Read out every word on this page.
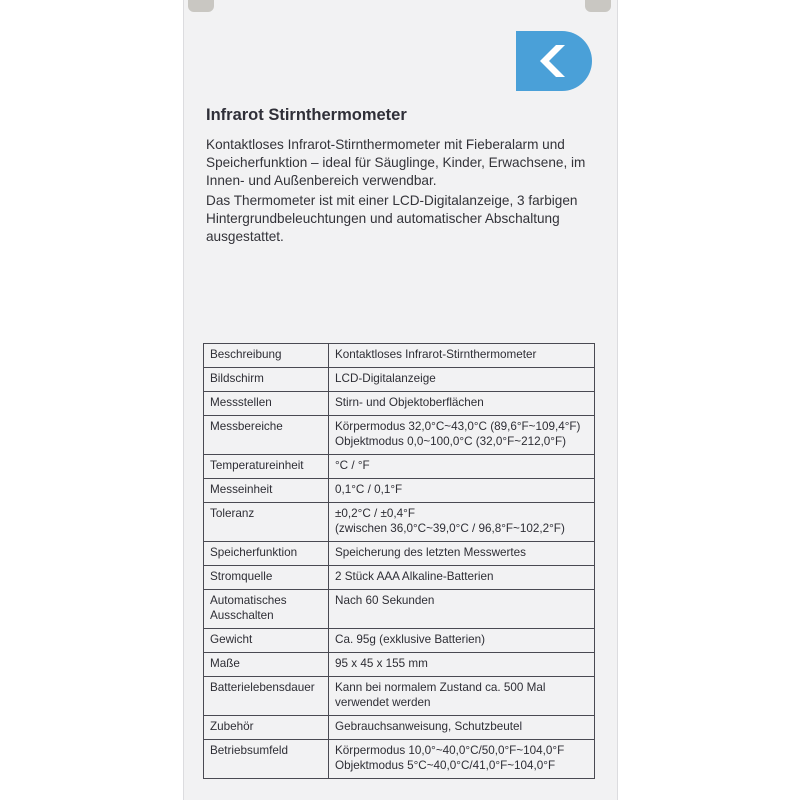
Infrarot Stirnthermometer
Kontaktloses Infrarot-Stirnthermometer mit Fieberalarm und Speicherfunktion – ideal für Säuglinge, Kinder, Erwachsene, im Innen- und Außenbereich verwendbar.
Das Thermometer ist mit einer LCD-Digitalanzeige, 3 farbigen Hintergrundbeleuchtungen und automatischer Abschaltung ausgestattet.
Beschreibung	Kontaktloses Infrarot-Stirnthermometer

Bildschirm	LCD-Digitalanzeige

Messstellen	Stirn- und Objektoberflächen

Messbereiche	Körpermodus 32,0°C~43,0°C (89,6°F~109,4°F)
Objektmodus 0,0~100,0°C (32,0°F~212,0°F)

Temperatureinheit	°C / °F

Messeinheit	0,1°C / 0,1°F

Toleranz	±0,2°C / ±0,4°F
(zwischen 36,0°C~39,0°C / 96,8°F~102,2°F)

Speicherfunktion	Speicherung des letzten Messwertes

Stromquelle	2 Stück AAA Alkaline-Batterien

Automatisches Ausschalten	Nach 60 Sekunden

Gewicht	Ca. 95g (exklusive Batterien)

Maße	95 x 45 x 155 mm

Batterielebensdauer	Kann bei normalem Zustand ca. 500 Mal
verwendet werden

Zubehör	Gebrauchsanweisung, Schutzbeutel

Betriebsumfeld	Körpermodus 10,0°~40,0°C/50,0°F~104,0°F
Objektmodus 5°C~40,0°C/41,0°F~104,0°F
